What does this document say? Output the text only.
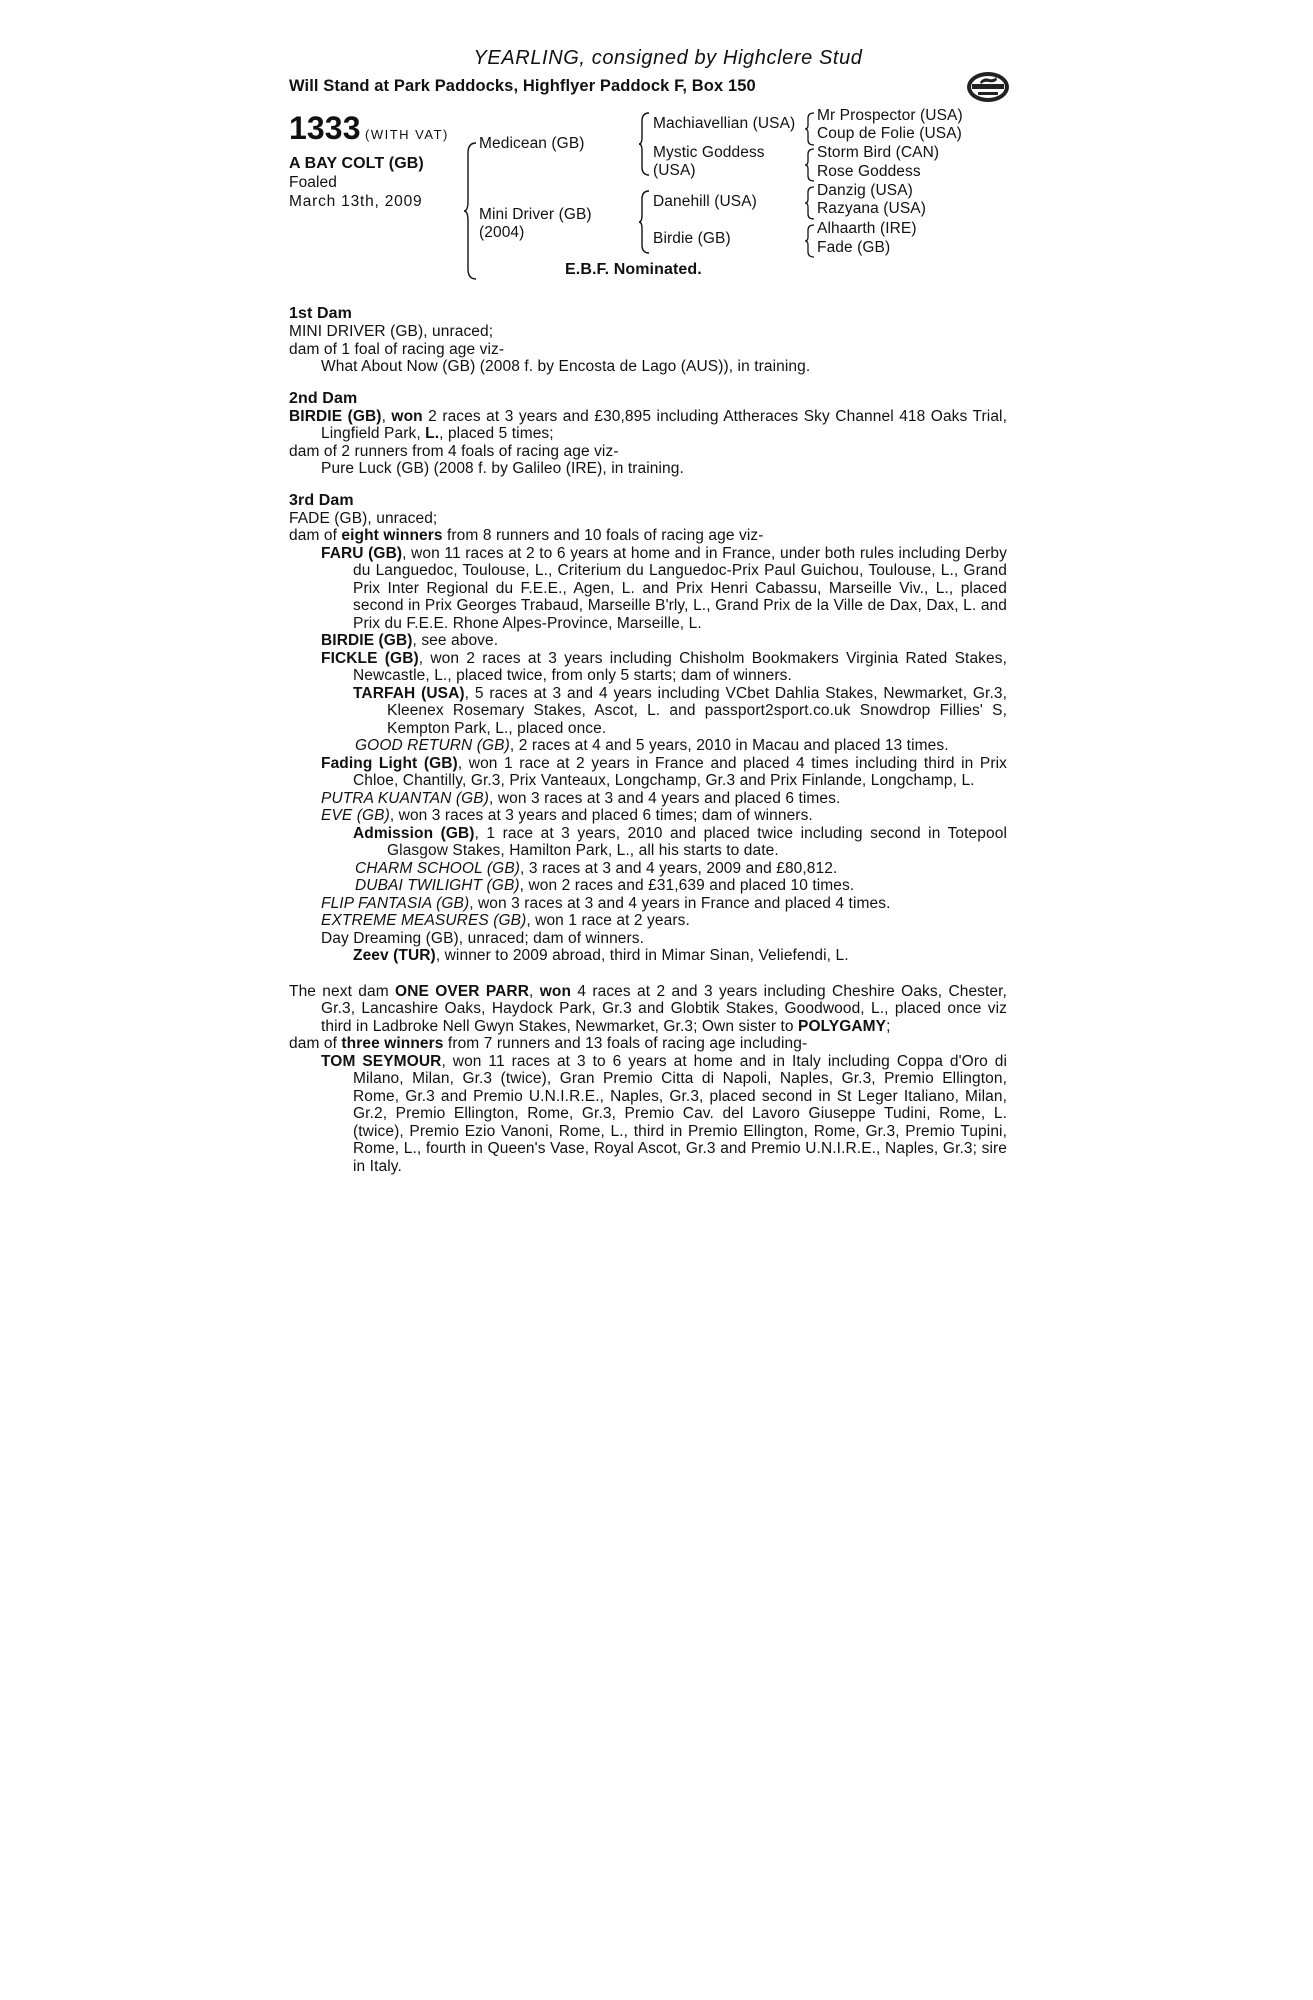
YEARLING, consigned by Highclere Stud
Will Stand at Park Paddocks, Highflyer Paddock F, Box 150
1333 (WITH VAT)
A BAY COLT (GB)
Foaled
March 13th, 2009
Medicean (GB)
Mini Driver (GB)
(2004)
Machiavellian (USA)
Mystic Goddess
(USA)
Danehill (USA)
Birdie (GB)
Mr Prospector (USA)
Coup de Folie (USA)
Storm Bird (CAN)
Rose Goddess
Danzig (USA)
Razyana (USA)
Alhaarth (IRE)
Fade (GB)
E.B.F. Nominated.
1st Dam

MINI DRIVER (GB), unraced;

dam of 1 foal of racing age viz-

What About Now (GB) (2008 f. by Encosta de Lago (AUS)), in training.

2nd Dam

BIRDIE (GB), won 2 races at 3 years and £30,895 including Attheraces Sky Channel 418 Oaks Trial, Lingfield Park, L., placed 5 times;

dam of 2 runners from 4 foals of racing age viz-

Pure Luck (GB) (2008 f. by Galileo (IRE), in training.

3rd Dam

FADE (GB), unraced;

dam of eight winners from 8 runners and 10 foals of racing age viz-

FARU (GB), won 11 races at 2 to 6 years at home and in France, under both rules including Derby du Languedoc, Toulouse, L., Criterium du Languedoc-Prix Paul Guichou, Toulouse, L., Grand Prix Inter Regional du F.E.E., Agen, L. and Prix Henri Cabassu, Marseille Viv., L., placed second in Prix Georges Trabaud, Marseille B'rly, L., Grand Prix de la Ville de Dax, Dax, L. and Prix du F.E.E. Rhone Alpes-Province, Marseille, L.

BIRDIE (GB), see above.

FICKLE (GB), won 2 races at 3 years including Chisholm Bookmakers Virginia Rated Stakes, Newcastle, L., placed twice, from only 5 starts; dam of winners.

TARFAH (USA), 5 races at 3 and 4 years including VCbet Dahlia Stakes, Newmarket, Gr.3, Kleenex Rosemary Stakes, Ascot, L. and passport2sport.co.uk Snowdrop Fillies' S, Kempton Park, L., placed once.

GOOD RETURN (GB), 2 races at 4 and 5 years, 2010 in Macau and placed 13 times.

Fading Light (GB), won 1 race at 2 years in France and placed 4 times including third in Prix Chloe, Chantilly, Gr.3, Prix Vanteaux, Longchamp, Gr.3 and Prix Finlande, Longchamp, L.

PUTRA KUANTAN (GB), won 3 races at 3 and 4 years and placed 6 times.

EVE (GB), won 3 races at 3 years and placed 6 times; dam of winners.

Admission (GB), 1 race at 3 years, 2010 and placed twice including second in Totepool Glasgow Stakes, Hamilton Park, L., all his starts to date.

CHARM SCHOOL (GB), 3 races at 3 and 4 years, 2009 and £80,812.

DUBAI TWILIGHT (GB), won 2 races and £31,639 and placed 10 times.

FLIP FANTASIA (GB), won 3 races at 3 and 4 years in France and placed 4 times.

EXTREME MEASURES (GB), won 1 race at 2 years.

Day Dreaming (GB), unraced; dam of winners.

Zeev (TUR), winner to 2009 abroad, third in Mimar Sinan, Veliefendi, L.

The next dam ONE OVER PARR, won 4 races at 2 and 3 years including Cheshire Oaks, Chester, Gr.3, Lancashire Oaks, Haydock Park, Gr.3 and Globtik Stakes, Goodwood, L., placed once viz third in Ladbroke Nell Gwyn Stakes, Newmarket, Gr.3; Own sister to POLYGAMY;

dam of three winners from 7 runners and 13 foals of racing age including-

TOM SEYMOUR, won 11 races at 3 to 6 years at home and in Italy including Coppa d'Oro di Milano, Milan, Gr.3 (twice), Gran Premio Citta di Napoli, Naples, Gr.3, Premio Ellington, Rome, Gr.3 and Premio U.N.I.R.E., Naples, Gr.3, placed second in St Leger Italiano, Milan, Gr.2, Premio Ellington, Rome, Gr.3, Premio Cav. del Lavoro Giuseppe Tudini, Rome, L. (twice), Premio Ezio Vanoni, Rome, L., third in Premio Ellington, Rome, Gr.3, Premio Tupini, Rome, L., fourth in Queen's Vase, Royal Ascot, Gr.3 and Premio U.N.I.R.E., Naples, Gr.3; sire in Italy.
